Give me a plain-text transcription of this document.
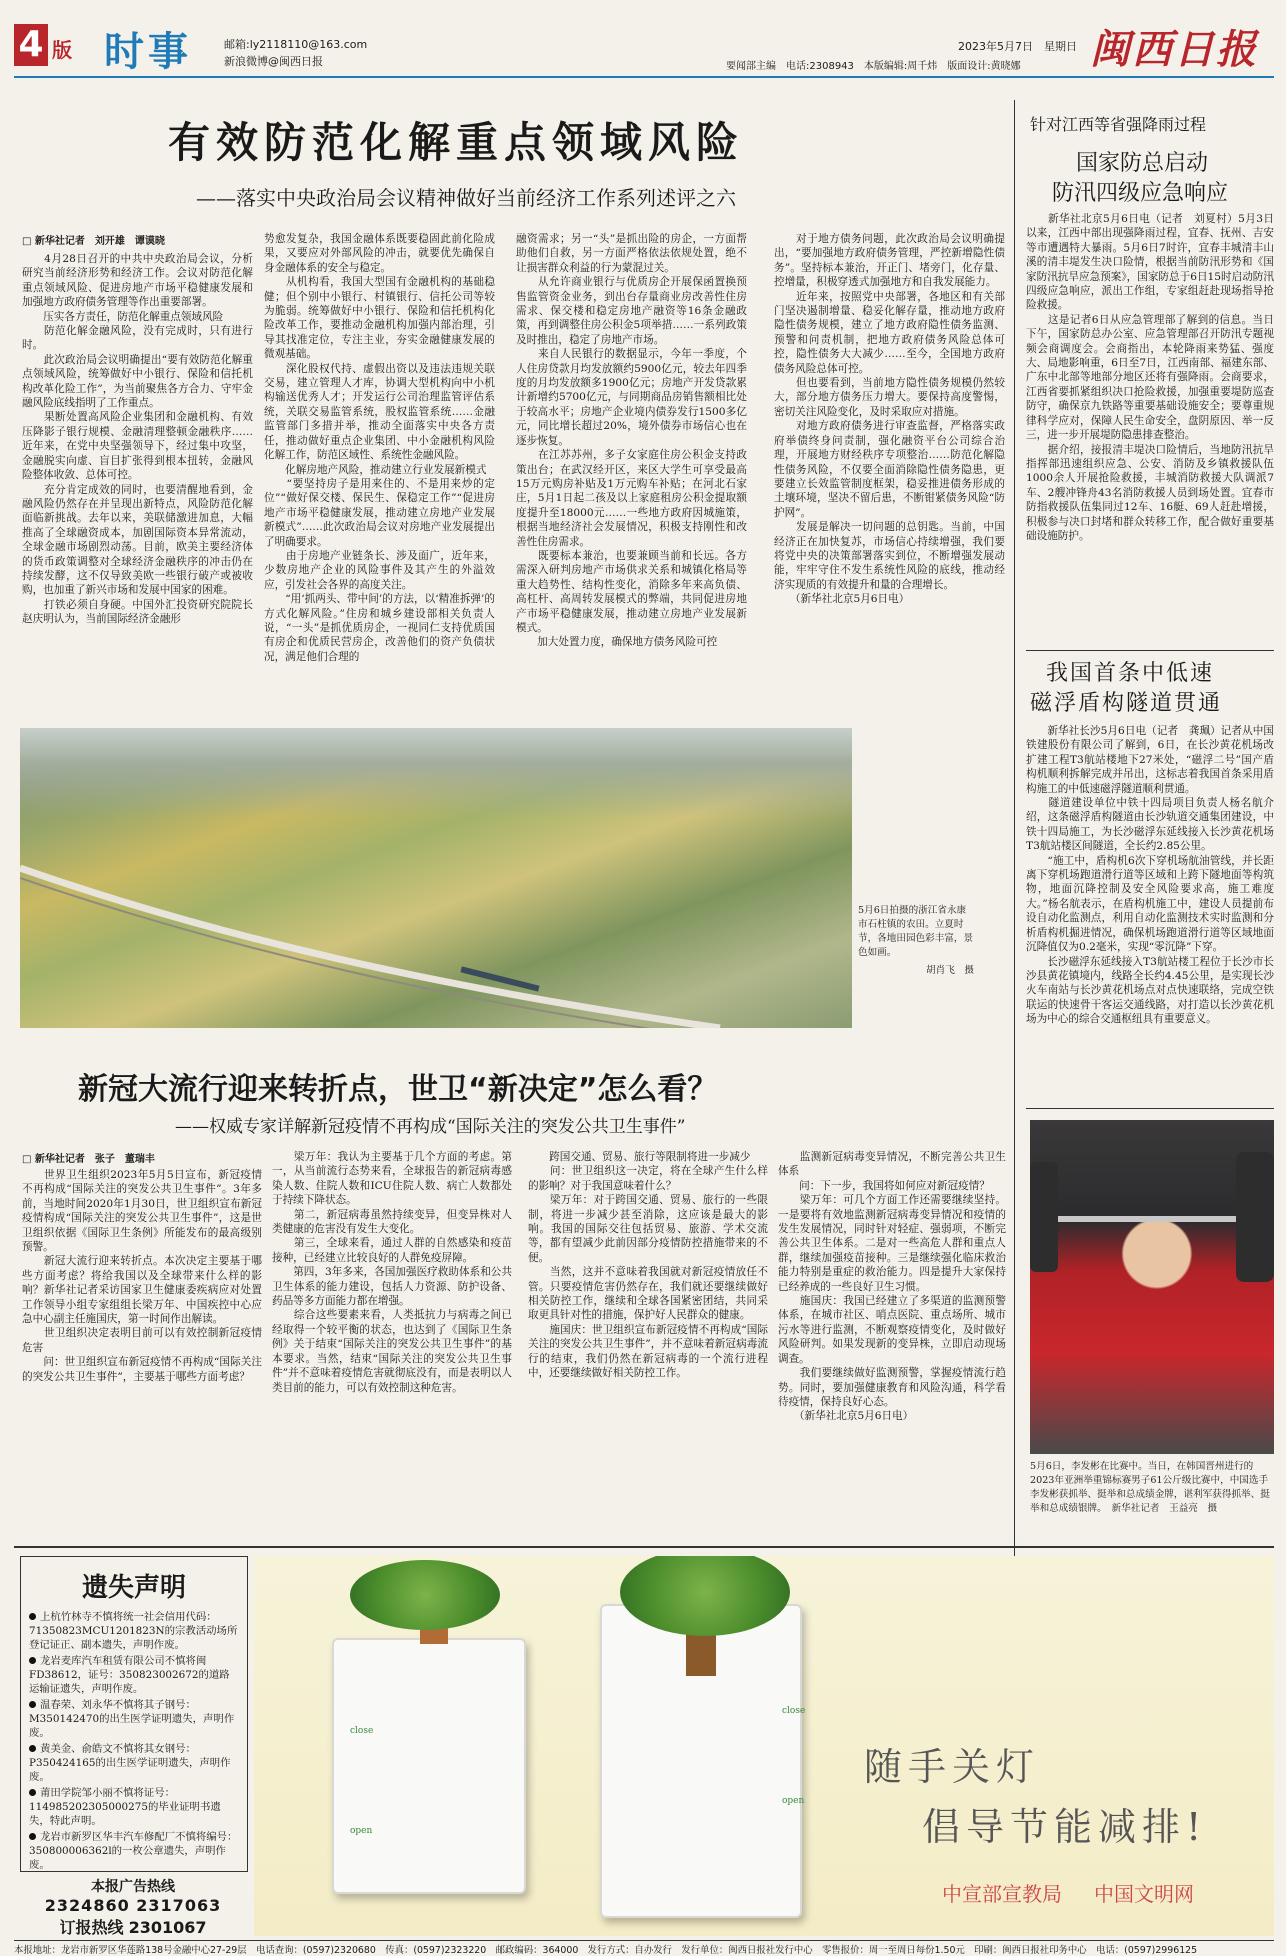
4 版 时事	邮箱:ly2118110@163.com
新浪微博@闽西日报	要闻部主编　电话:2308943　本版编辑:周千炜　版面设计:黄晓娜
2023年5月7日　星期日 闽西日报
有效防范化解重点领域风险
——落实中央政治局会议精神做好当前经济工作系列述评之六
□ 新华社记者　刘开雄　谭谟晓
　　4月28日召开的中共中央政治局会议，分析研究当前经济形势和经济工作。会议对防范化解重点领域风险、促进房地产市场平稳健康发展和加强地方政府债务管理等作出重要部署。
　　压实各方责任，防范化解重点领域风险
　　防范化解金融风险，没有完成时，只有进行时。
　　此次政治局会议明确提出“要有效防范化解重点领域风险，统筹做好中小银行、保险和信托机构改革化险工作”，为当前聚焦各方合力、守牢金融风险底线指明了工作重点。
　　果断处置高风险企业集团和金融机构、有效压降影子银行规模、金融清理整顿金融秩序……近年来，在党中央坚强领导下，经过集中攻坚，金融脱实向虚、盲目扩张得到根本扭转，金融风险整体收敛、总体可控。
　　充分肯定成效的同时，也要清醒地看到，金融风险仍然存在并呈现出新特点，风险防范化解面临新挑战。去年以来，美联储激进加息，大幅推高了全球融资成本，加剧国际资本异常流动，全球金融市场剧烈动荡。目前，欧美主要经济体的货币政策调整对全球经济金融秩序的冲击仍在持续发酵，这不仅导致美欧一些银行破产或被收购，也加重了新兴市场和发展中国家的困难。
　　打铁必须自身硬。中国外汇投资研究院院长赵庆明认为，当前国际经济金融形
势愈发复杂，我国金融体系既要稳固此前化险成果，又要应对外部风险的冲击，就要优先确保自身金融体系的安全与稳定。
　　从机构看，我国大型国有金融机构的基础稳健；但个别中小银行、村镇银行、信托公司等较为脆弱。统筹做好中小银行、保险和信托机构化险改革工作，要推动金融机构加强内部治理，引导其找准定位，专注主业，夯实金融健康发展的微观基础。
　　深化股权代持、虚假出资以及违法违规关联交易，建立管理人才库，协调大型机构向中小机构输送优秀人才；开发运行公司治理监管评估系统，关联交易监管系统，股权监管系统……金融监管部门多措并举，推动全面落实中央各方责任，推动做好重点企业集团、中小金融机构风险化解工作，防范区域性、系统性金融风险。
　　化解房地产风险，推动建立行业发展新模式
　　“要坚持房子是用来住的、不是用来炒的定位”“做好保交楼、保民生、保稳定工作”“促进房地产市场平稳健康发展，推动建立房地产业发展新模式”……此次政治局会议对房地产业发展提出了明确要求。
　　由于房地产业链条长、涉及面广，近年来，少数房地产企业的风险事件及其产生的外溢效应，引发社会各界的高度关注。
　　“用‘抓两头、带中间’的方法，以‘精准拆弹’的方式化解风险。”住房和城乡建设部相关负责人说，“一头”是抓优质房企，一视同仁支持优质国有房企和优质民营房企，改善他们的资产负债状况，满足他们合理的
融资需求；另一“头”是抓出险的房企，一方面帮助他们自救，另一方面严格依法依规处置，绝不让损害群众利益的行为蒙混过关。
　　从允许商业银行与优质房企开展保函置换预售监管资金业务，到出台存量商业房改善性住房需求、保交楼和稳定房地产融资等16条金融政策，再到调整住房公积金5项举措……一系列政策及时推出，稳定了房地产市场。
　　来自人民银行的数据显示，今年一季度，个人住房贷款月均发放额约5900亿元，较去年四季度的月均发放额多1900亿元；房地产开发贷款累计新增约5700亿元，与同期商品房销售额相比处于较高水平；房地产企业境内债券发行1500多亿元，同比增长超过20%，境外债券市场信心也在逐步恢复。
　　在江苏苏州，多子女家庭住房公积金支持政策出台；在武汉经开区，来区大学生可享受最高15万元购房补贴及1万元购车补贴；在河北石家庄，5月1日起二孩及以上家庭租房公积金提取额度提升至18000元……一些地方政府因城施策，根据当地经济社会发展情况，积极支持刚性和改善性住房需求。
　　既要标本兼治，也要兼顾当前和长远。各方需深入研判房地产市场供求关系和城镇化格局等重大趋势性、结构性变化，消除多年来高负债、高杠杆、高周转发展模式的弊端，共同促进房地产市场平稳健康发展，推动建立房地产业发展新模式。
　　加大处置力度，确保地方债务风险可控
　　对于地方债务问题，此次政治局会议明确提出，“要加强地方政府债务管理，严控新增隐性债务”。坚持标本兼治，开正门、堵旁门，化存量、控增量，积极穿透式加强地方和自我发展能力。
　　近年来，按照党中央部署，各地区和有关部门坚决遏制增量、稳妥化解存量，推动地方政府隐性债务规模，建立了地方政府隐性债务监测、预警和问责机制，把地方政府债务风险总体可控，隐性债务大大减少……至今，全国地方政府债务风险总体可控。
　　但也要看到，当前地方隐性债务规模仍然较大，部分地方债务压力增大。要保持高度警惕，密切关注风险变化，及时采取应对措施。
　　对地方政府债务进行审查监督，严格落实政府举债终身问责制，强化融资平台公司综合治理，开展地方财经秩序专项整治……防范化解隐性债务风险，不仅要全面消除隐性债务隐患，更要建立长效监管制度框架，稳妥推进债务形成的土壤环境，坚决不留后患，不断钳紧债务风险“防护网”。
　　发展是解决一切问题的总钥匙。当前，中国经济正在加快复苏，市场信心持续增强，我们要将党中央的决策部署落实到位，不断增强发展动能，牢牢守住不发生系统性风险的底线，推动经济实现质的有效提升和量的合理增长。
　　（新华社北京5月6日电）
针对江西等省强降雨过程
国家防总启动
防汛四级应急响应
　　新华社北京5月6日电（记者　刘夏村）5月3日以来，江西中部出现强降雨过程，宜春、抚州、吉安等市遭遇特大暴雨。5月6日7时许，宜春丰城清丰山溪的清丰堤发生决口险情，根据当前防汛形势和《国家防汛抗旱应急预案》，国家防总于6日15时启动防汛四级应急响应，派出工作组，专家组赶赴现场指导抢险救援。
　　这是记者6日从应急管理部了解到的信息。当日下午，国家防总办公室、应急管理部召开防汛专题视频会商调度会。会商指出，本轮降雨来势猛、强度大、局地影响重，6日至7日，江西南部、福建东部、广东中北部等地部分地区还将有强降雨。会商要求，江西省要抓紧组织决口抢险救援，加强重要堤防巡查防守，确保京九铁路等重要基础设施安全；要尊重规律科学应对，保障人民生命安全，盘阴原因、举一反三，进一步开展堤防隐患排查整治。
　　据介绍，接报清丰堤决口险情后，当地防汛抗旱指挥部迅速组织应急、公安、消防及乡镇救援队伍1000余人开展抢险救援，丰城消防救援大队调派7车、2艘冲锋舟43名消防救援人员到场处置。宜春市防指救援队伍集同过12车、16艇、69人赶赴增援，积极参与决口封堵和群众转移工作，配合做好重要基础设施防护。
我国首条中低速
磁浮盾构隧道贯通
　　新华社长沙5月6日电（记者　龚珮）记者从中国铁建股份有限公司了解到，6日，在长沙黄花机场改扩建工程T3航站楼地下27米处，“磁浮二号”国产盾构机顺利拆解完成并吊出，这标志着我国首条采用盾构施工的中低速磁浮隧道顺利贯通。
　　隧道建设单位中铁十四局项目负责人杨名航介绍，这条磁浮盾构隧道由长沙轨道交通集团建设，中铁十四局施工，为长沙磁浮东延线接入长沙黄花机场T3航站楼区间隧道，全长约2.85公里。
　　“施工中，盾构机6次下穿机场航油管线，并长距离下穿机场跑道滑行道等区域和上跨下隧地面等构筑物，地面沉降控制及安全风险要求高，施工难度大。”杨名航表示，在盾构机施工中，建设人员提前布设自动化监测点，利用自动化监测技术实时监测和分析盾构机掘进情况，确保机场跑道滑行道等区域地面沉降值仅为0.2毫米，实现“零沉降”下穿。
　　长沙磁浮东延线接入T3航站楼工程位于长沙市长沙县黄花镇境内，线路全长约4.45公里，是实现长沙火车南站与长沙黄花机场点对点快速联络，完成空铁联运的快速骨干客运交通线路，对打造以长沙黄花机场为中心的综合交通枢纽具有重要意义。
5月6日拍摄的浙江省永康市石柱镇的农田。立夏时节，各地田园色彩丰富，景色如画。
胡肖飞　摄
新冠大流行迎来转折点，世卫“新决定”怎么看？
——权威专家详解新冠疫情不再构成“国际关注的突发公共卫生事件”
□ 新华社记者　张子　董瑞丰
　　世界卫生组织2023年5月5日宣布，新冠疫情不再构成“国际关注的突发公共卫生事件”。3年多前，当地时间2020年1月30日，世卫组织宣布新冠疫情构成“国际关注的突发公共卫生事件”，这是世卫组织依据《国际卫生条例》所能发布的最高级别预警。
　　新冠大流行迎来转折点。本次决定主要基于哪些方面考虑？将给我国以及全球带来什么样的影响？新华社记者采访国家卫生健康委疾病应对处置工作领导小组专家组组长梁万年、中国疾控中心应急中心副主任施国庆，第一时间作出解读。
　　世卫组织决定表明目前可以有效控制新冠疫情危害
　　问：世卫组织宣布新冠疫情不再构成“国际关注的突发公共卫生事件”，主要基于哪些方面考虑？
　　梁万年：我认为主要基于几个方面的考虑。第一，从当前流行态势来看，全球报告的新冠病毒感染人数、住院人数和ICU住院人数、病亡人数都处于持续下降状态。
　　第二，新冠病毒虽然持续变异，但变异株对人类健康的危害没有发生大变化。
　　第三，全球来看，通过人群的自然感染和疫苗接种，已经建立比较良好的人群免疫屏障。
　　第四，3年多来，各国加强医疗救助体系和公共卫生体系的能力建设，包括人力资源、防护设备、药品等多方面能力都在增强。
　　综合这些要素来看，人类抵抗力与病毒之间已经取得一个较平衡的状态，也达到了《国际卫生条例》关于结束“国际关注的突发公共卫生事件”的基本要求。当然，结束“国际关注的突发公共卫生事件”并不意味着疫情危害就彻底没有，而是表明以人类目前的能力，可以有效控制这种危害。
　　跨国交通、贸易、旅行等限制将进一步减少
　　问：世卫组织这一决定，将在全球产生什么样的影响？对于我国意味着什么？
　　梁万年：对于跨国交通、贸易、旅行的一些限制，将进一步减少甚至消除，这应该是最大的影响。我国的国际交往包括贸易、旅游、学术交流等，都有望减少此前因部分疫情防控措施带来的不便。
　　当然，这并不意味着我国就对新冠疫情放任不管。只要疫情危害仍然存在，我们就还要继续做好相关防控工作，继续和全球各国紧密团结，共同采取更具针对性的措施，保护好人民群众的健康。
　　施国庆：世卫组织宣布新冠疫情不再构成“国际关注的突发公共卫生事件”，并不意味着新冠病毒流行的结束，我们仍然在新冠病毒的一个流行进程中，还要继续做好相关防控工作。
　　监测新冠病毒变异情况，不断完善公共卫生体系
　　问：下一步，我国将如何应对新冠疫情？
　　梁万年：可几个方面工作还需要继续坚持。一是要将有效地监测新冠病毒变异情况和疫情的发生发展情况，同时针对轻症、强弱项，不断完善公共卫生体系。二是对一些高危人群和重点人群，继续加强疫苗接种。三是继续强化临床救治能力特别是重症的救治能力。四是提升大家保持已经养成的一些良好卫生习惯。
　　施国庆：我国已经建立了多渠道的监测预警体系，在城市社区、哨点医院、重点场所、城市污水等进行监测，不断观察疫情变化，及时做好风险研判。如果发现新的变异株，立即启动现场调查。
　　我们要继续做好监测预警，掌握疫情流行趋势。同时，要加强健康教育和风险沟通，科学看待疫情，保持良好心态。
　　（新华社北京5月6日电）
5月6日，李发彬在比赛中。当日，在韩国晋州进行的2023年亚洲举重锦标赛男子61公斤级比赛中，中国选手李发彬获抓举、挺举和总成绩金牌，谌利军获得抓举、挺举和总成绩银牌。　新华社记者　王益亮　摄
遗失声明
上杭竹林寺不慎将统一社会信用代码：71350823MCU1201823N的宗教活动场所登记证正、副本遗失，声明作废。
龙岩麦库汽车租赁有限公司不慎将闽FD38612，证号：350823002672的道路运输证遗失，声明作废。
温春荣、刘永华不慎将其子钢号：M350142470的出生医学证明遗失，声明作废。
黄美金、俞皓文不慎将其女钢号：P350424165的出生医学证明遗失，声明作废。
莆田学院邹小丽不慎将证号：114985202305000275的毕业证明书遗失，特此声明。
龙岩市新罗区华丰汽车修配厂不慎将编号：350800006362l的一枚公章遗失，声明作废。
本报广告热线
2324860 2317063
订报热线 2301067
close
open
close
open
随手关灯
倡导节能减排!
中宣部宣教局 中国文明网
本报地址：龙岩市新罗区华莲路138号金融中心27-29层　电话查询：(0597)2320680　传真：(0597)2323220　邮政编码：364000　发行方式：自办发行　发行单位：闽西日报社发行中心　零售报价：周一至周日每份1.50元　印刷：闽西日报社印务中心　电话：(0597)2996125
